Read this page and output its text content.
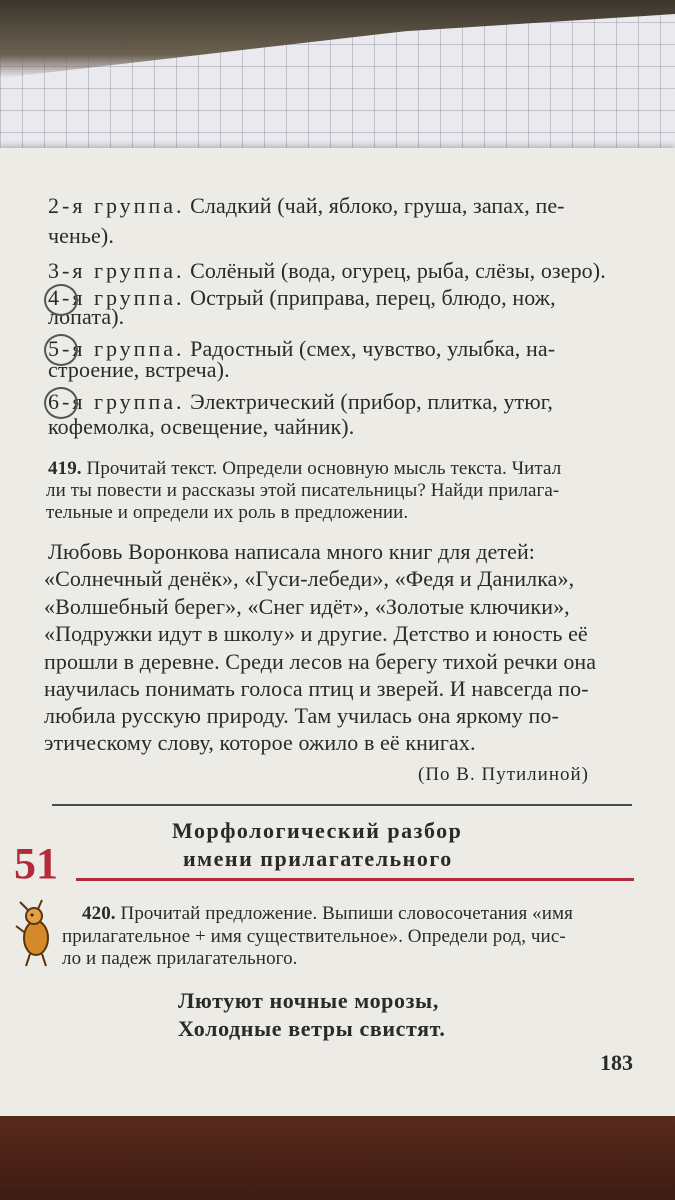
2-я группа. Сладкий (чай, яблоко, груша, запах, пе-

ченье).

3-я группа. Солёный (вода, огурец, рыба, слёзы, озеро).

4-я группа. Острый (приправа, перец, блюдо, нож,

лопата).

5-я группа. Радостный (смех, чувство, улыбка, на-

строение, встреча).

6-я группа. Электрический (прибор, плитка, утюг,

кофемолка, освещение, чайник).

419. Прочитай текст. Определи основную мысль текста. Читал

ли ты повести и рассказы этой писательницы? Найди прилага-

тельные и определи их роль в предложении.

Любовь Воронкова написала много книг для детей:

«Солнечный денёк», «Гуси-лебеди», «Федя и Данилка»,

«Волшебный берег», «Снег идёт», «Золотые ключики»,

«Подружки идут в школу» и другие. Детство и юность её

прошли в деревне. Среди лесов на берегу тихой речки она

научилась понимать голоса птиц и зверей. И навсегда по-

любила русскую природу. Там училась она яркому по-

этическому слову, которое ожило в её книгах.

(По В. Путилиной)

Морфологический разбор

имени прилагательного

51

420. Прочитай предложение. Выпиши словосочетания «имя

прилагательное + имя существительное». Определи род, чис-

ло и падеж прилагательного.

Лютуют ночные морозы,

Холодные ветры свистят.

183
